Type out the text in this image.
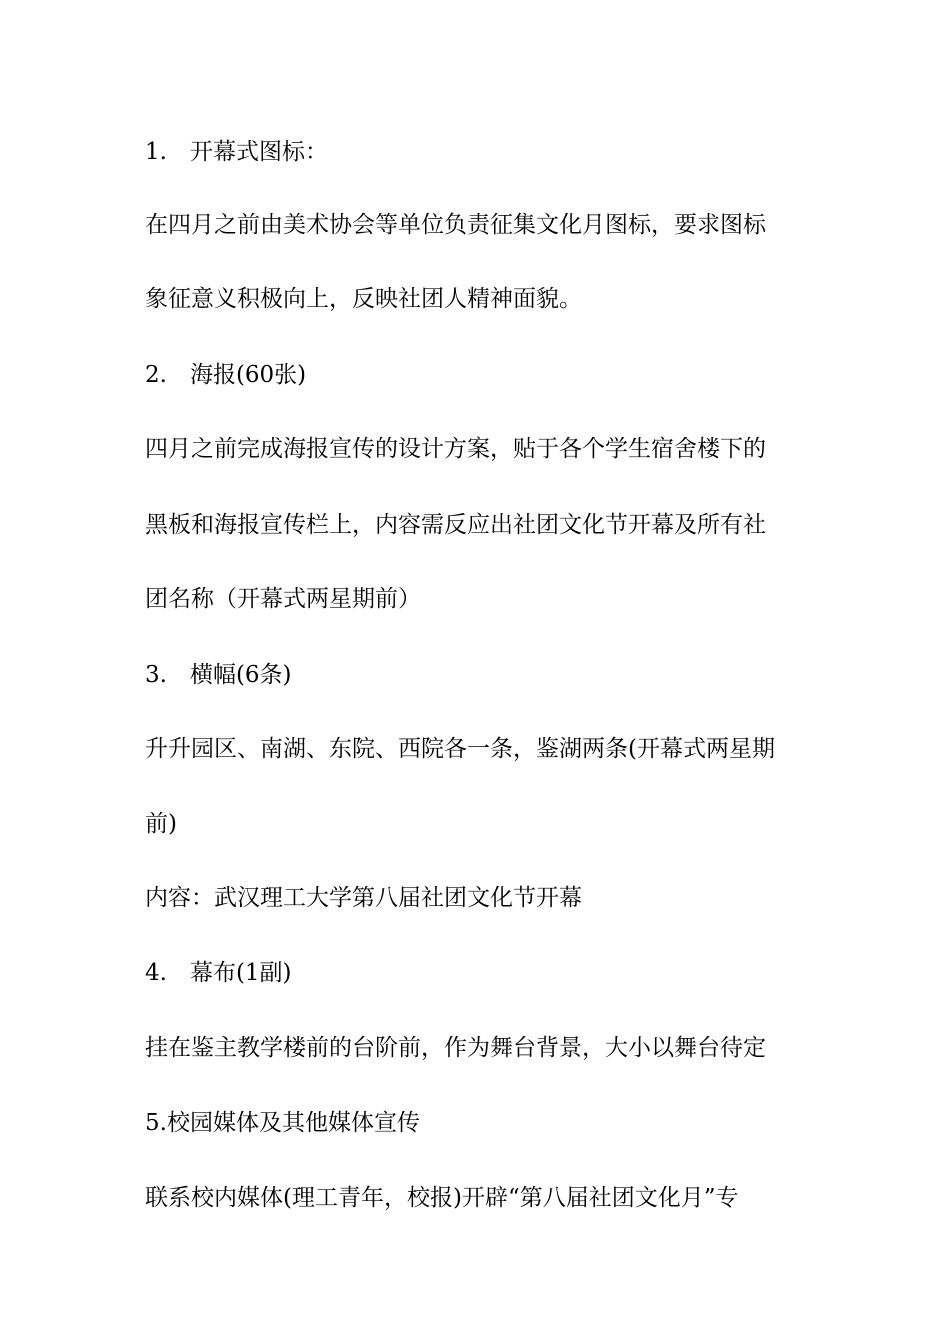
1.　开幕式图标：

在四月之前由美术协会等单位负责征集文化月图标，要求图标

象征意义积极向上，反映社团人精神面貌。

2.　海报(60张)

四月之前完成海报宣传的设计方案，贴于各个学生宿舍楼下的

黑板和海报宣传栏上，内容需反应出社团文化节开幕及所有社

团名称（开幕式两星期前）

3.　横幅(6条)

升升园区、南湖、东院、西院各一条，鉴湖两条(开幕式两星期

前)

内容：武汉理工大学第八届社团文化节开幕

4.　幕布(1副)

挂在鉴主教学楼前的台阶前，作为舞台背景，大小以舞台待定

5.校园媒体及其他媒体宣传

联系校内媒体(理工青年，校报)开辟“第八届社团文化月”专
